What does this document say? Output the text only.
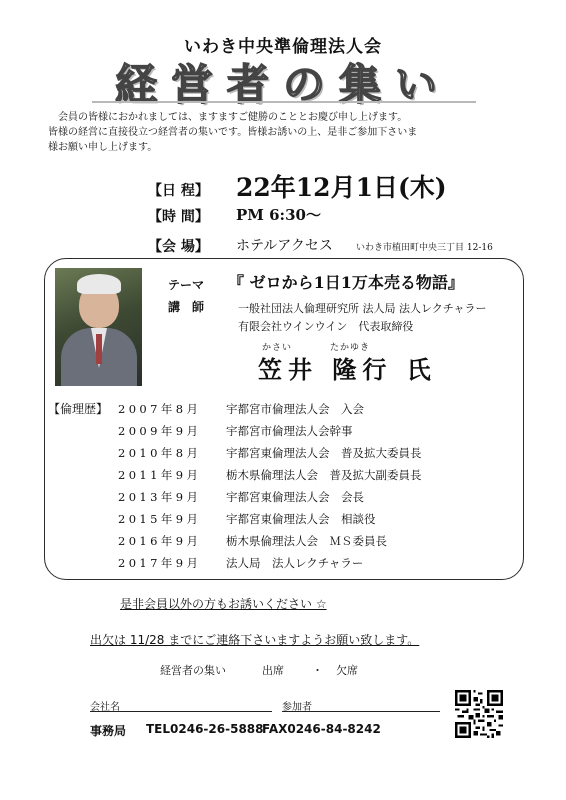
いわき中央準倫理法人会
経営者の集い
会員の皆様におかれましては、ますますご健勝のこととお慶び申し上げます。
皆様の経営に直接役立つ経営者の集いです。皆様お誘いの上、是非ご参加下さいま
様お願い申し上げます。
【日 程】 22年12月1日(木)
【時 間】 PM 6:30～
【会 場】 ホテルアクセス	いわき市植田町中央三丁目 12-16
テーマ 『 ゼロから1日1万本売る物語』
講　師	一般社団法人倫理研究所 法人局 法人レクチャラー
有限会社ウインウイン　代表取締役
かさい	たかゆき
笠井 隆行 氏
【倫理歴】 2007年8月 宇都宮市倫理法人会　入会
2009年9月 宇都宮市倫理法人会幹事
2010年8月 宇都宮東倫理法人会　普及拡大委員長
2011年9月 栃木県倫理法人会　普及拡大副委員長
2013年9月 宇都宮東倫理法人会　会長
2015年9月 宇都宮東倫理法人会　相談役
2016年9月 栃木県倫理法人会　ＭＳ委員長
2017年9月 法人局　法人レクチャラー
是非会員以外の方もお誘いください ☆
出欠は 11/28 までにご連絡下さいますようお願い致します。
経営者の集い	出席	・ 欠席
会社名	参加者
事務局 TEL0246-26-5888
FAX0246-84-8242
